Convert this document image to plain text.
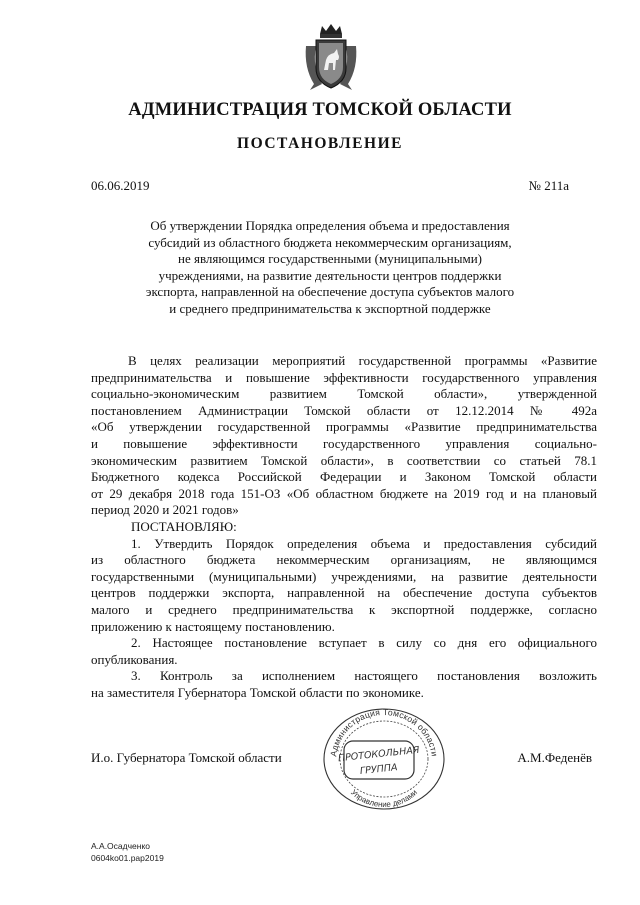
АДМИНИСТРАЦИЯ ТОМСКОЙ ОБЛАСТИ
ПОСТАНОВЛЕНИЕ
06.06.2019	№ 211а
Об утверждении Порядка определения объема и предоставления
субсидий из областного бюджета некоммерческим организациям,
не являющимся государственными (муниципальными)
учреждениями, на развитие деятельности центров поддержки
экспорта, направленной на обеспечение доступа субъектов малого
и среднего предпринимательства к экспортной поддержке
В целях реализации мероприятий государственной программы «Развитие
предпринимательства и повышение эффективности государственного управления
социально-экономическим развитием Томской области», утвержденной
постановлением Администрации Томской области от 12.12.2014 № 492а
«Об утверждении государственной программы «Развитие предпринимательства
и повышение эффективности государственного управления социально-
экономическим развитием Томской области», в соответствии со статьей 78.1
Бюджетного кодекса Российской Федерации и Законом Томской области
от 29 декабря 2018 года 151-ОЗ «Об областном бюджете на 2019 год и на плановый
период 2020 и 2021 годов»
ПОСТАНОВЛЯЮ:
1. Утвердить Порядок определения объема и предоставления субсидий
из областного бюджета некоммерческим организациям, не являющимся
государственными (муниципальными) учреждениями, на развитие деятельности
центров поддержки экспорта, направленной на обеспечение доступа субъектов
малого и среднего предпринимательства к экспортной поддержке, согласно
приложению к настоящему постановлению.
2. Настоящее постановление вступает в силу со дня его официального
опубликования.
3. Контроль за исполнением настоящего постановления возложить
на заместителя Губернатора Томской области по экономике.
Администрация Томской области
Управление делами
ПРОТОКОЛЬНАЯ
ГРУППА
И.о. Губернатора Томской области	А.М.Феденёв
А.А.Осадченко
0604ko01.pap2019
